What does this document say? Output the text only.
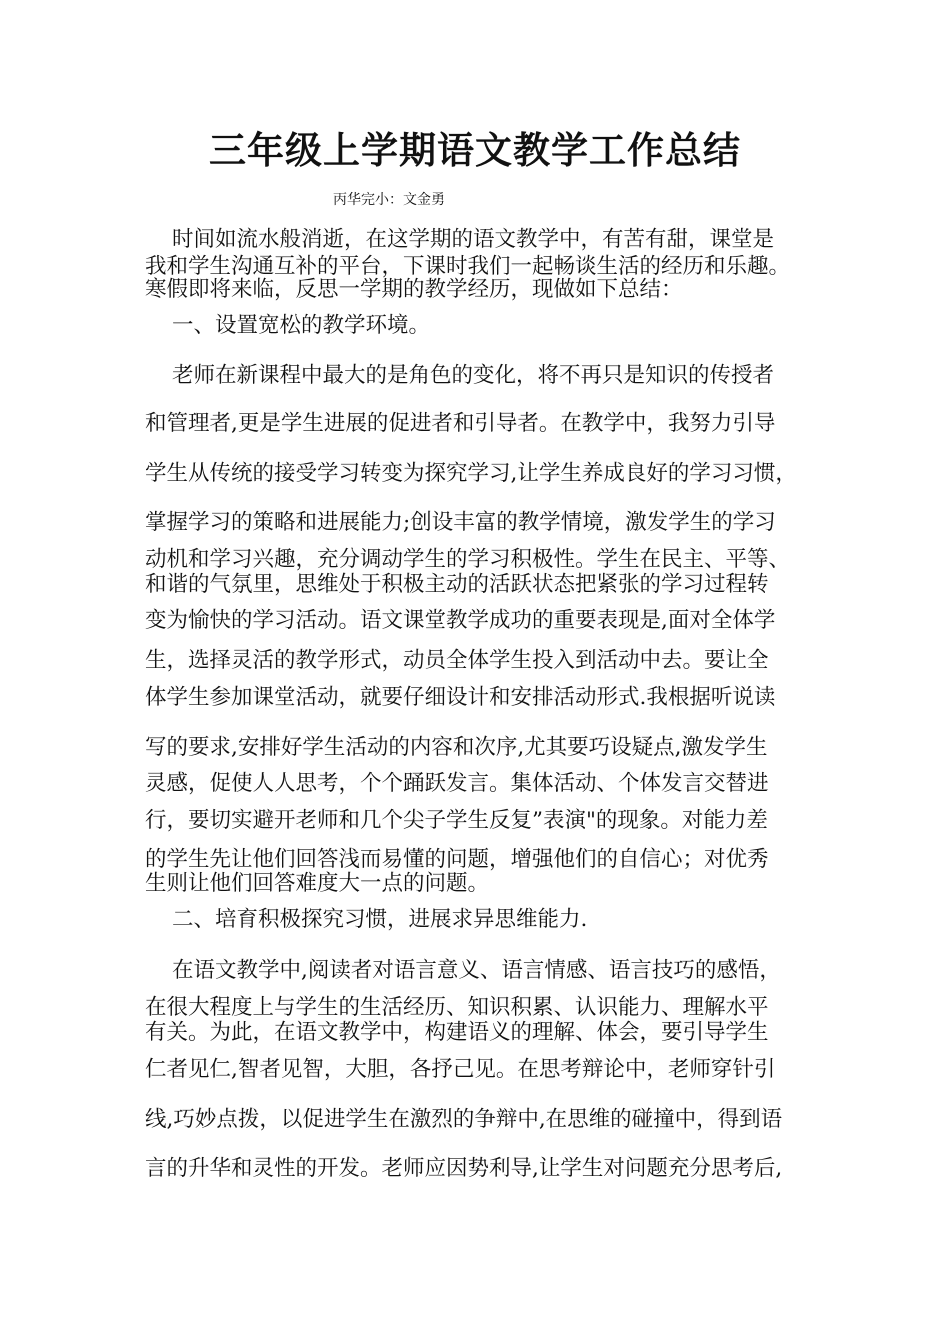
三年级上学期语文教学工作总结
丙华完小：文金勇
时间如流水般消逝，在这学期的语文教学中，有苦有甜，课堂是
我和学生沟通互补的平台，下课时我们一起畅谈生活的经历和乐趣。
寒假即将来临，反思一学期的教学经历，现做如下总结：
一、设置宽松的教学环境。
老师在新课程中最大的是角色的变化，将不再只是知识的传授者
和管理者,更是学生进展的促进者和引导者。在教学中，我努力引导
学生从传统的接受学习转变为探究学习,让学生养成良好的学习习惯，
掌握学习的策略和进展能力;创设丰富的教学情境，激发学生的学习
动机和学习兴趣，充分调动学生的学习积极性。学生在民主、平等、
和谐的气氛里，思维处于积极主动的活跃状态把紧张的学习过程转
变为愉快的学习活动。语文课堂教学成功的重要表现是,面对全体学
生，选择灵活的教学形式，动员全体学生投入到活动中去。要让全
体学生参加课堂活动，就要仔细设计和安排活动形式.我根据听说读
写的要求,安排好学生活动的内容和次序,尤其要巧设疑点,激发学生
灵感，促使人人思考，个个踊跃发言。集体活动、个体发言交替进
行，要切实避开老师和几个尖子学生反复”表演"的现象。对能力差
的学生先让他们回答浅而易懂的问题，增强他们的自信心；对优秀
生则让他们回答难度大一点的问题。
二、培育积极探究习惯，进展求异思维能力.
在语文教学中,阅读者对语言意义、语言情感、语言技巧的感悟，
在很大程度上与学生的生活经历、知识积累、认识能力、理解水平
有关。为此，在语文教学中，构建语义的理解、体会，要引导学生
仁者见仁,智者见智，大胆，各抒己见。在思考辩论中，老师穿针引
线,巧妙点拨，以促进学生在激烈的争辩中,在思维的碰撞中，得到语
言的升华和灵性的开发。老师应因势利导,让学生对问题充分思考后,
